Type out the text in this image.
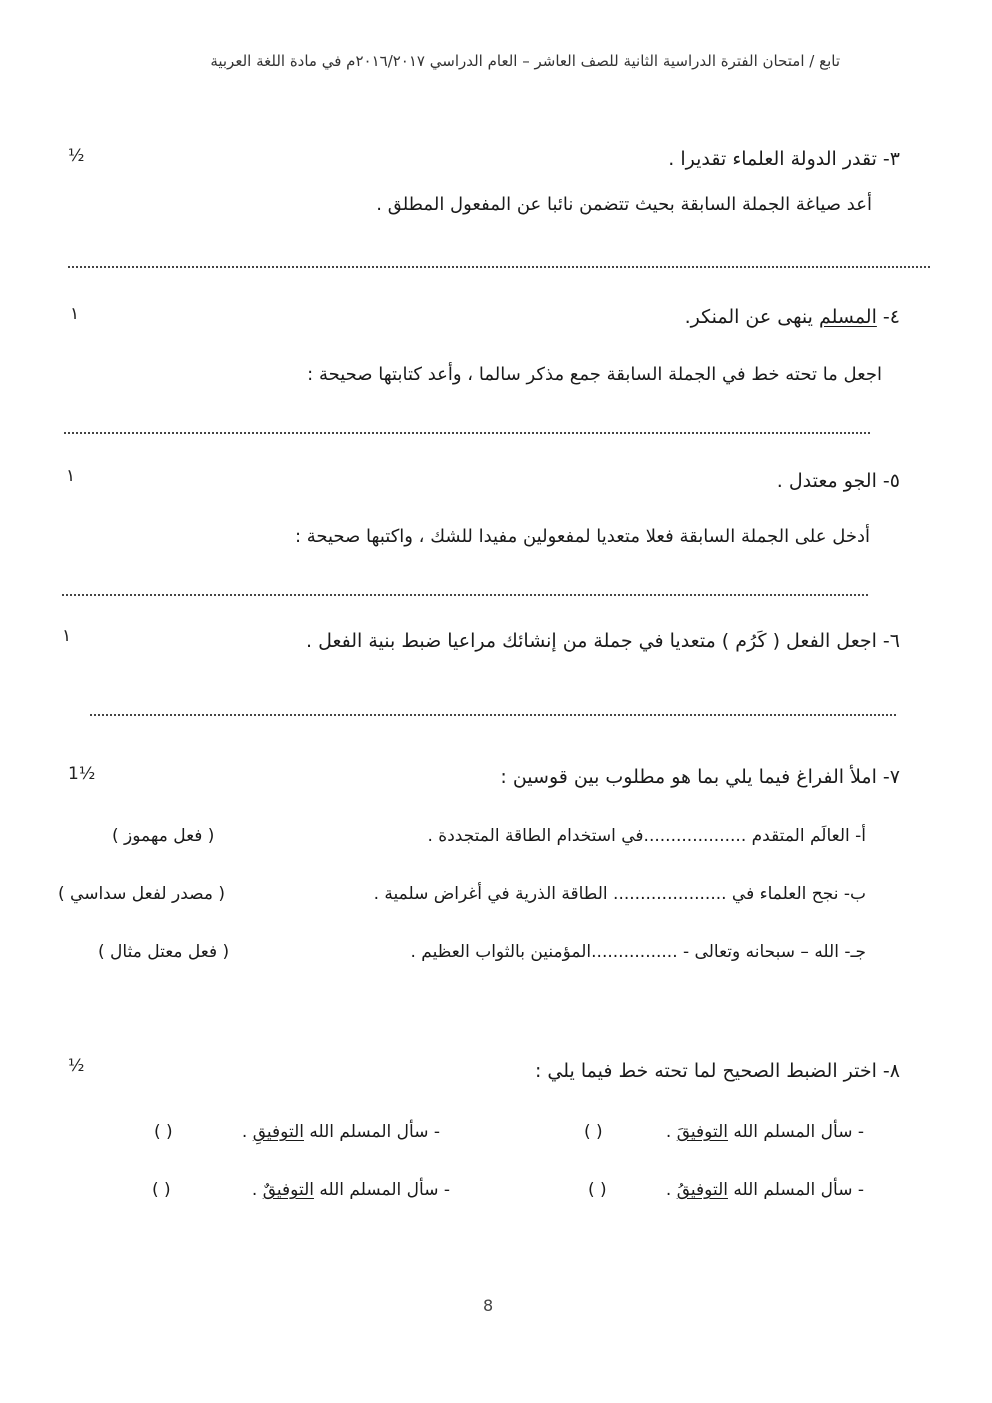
تابع / امتحان الفترة الدراسية الثانية للصف العاشر – العام الدراسي ٢٠١٦/٢٠١٧م في مادة اللغة العربية
٣- تقدر الدولة العلماء تقديرا .
½
أعد صياغة الجملة السابقة بحيث تتضمن نائبا عن المفعول المطلق .
٤- المسلم ينهى عن المنكر.
١
اجعل ما تحته خط في الجملة السابقة جمع مذكر سالما ، وأعد كتابتها صحيحة :
٥- الجو معتدل .
١
أدخل على الجملة السابقة فعلا متعديا لمفعولين مفيدا للشك ، واكتبها صحيحة :
٦- اجعل الفعل ( كَرُم ) متعديا في جملة من إنشائك مراعيا ضبط بنية الفعل .
١
٧- املأ الفراغ فيما يلي بما هو مطلوب بين قوسين :
1½
أ- العالَم المتقدم ...................في استخدام الطاقة المتجددة .
( فعل مهموز )
ب- نجح العلماء في ..................... الطاقة الذرية في أغراض سلمية .
( مصدر لفعل سداسي )
جـ- الله – سبحانه وتعالى - ................المؤمنين بالثواب العظيم .
( فعل معتل مثال )
٨- اختر الضبط الصحيح لما تحته خط فيما يلي :
½
- سأل المسلم الله التوفيقَ .
( )
- سأل المسلم الله التوفيقِ .
( )
- سأل المسلم الله التوفيقُ .
( )
- سأل المسلم الله التوفيقٌ .
( )
8
